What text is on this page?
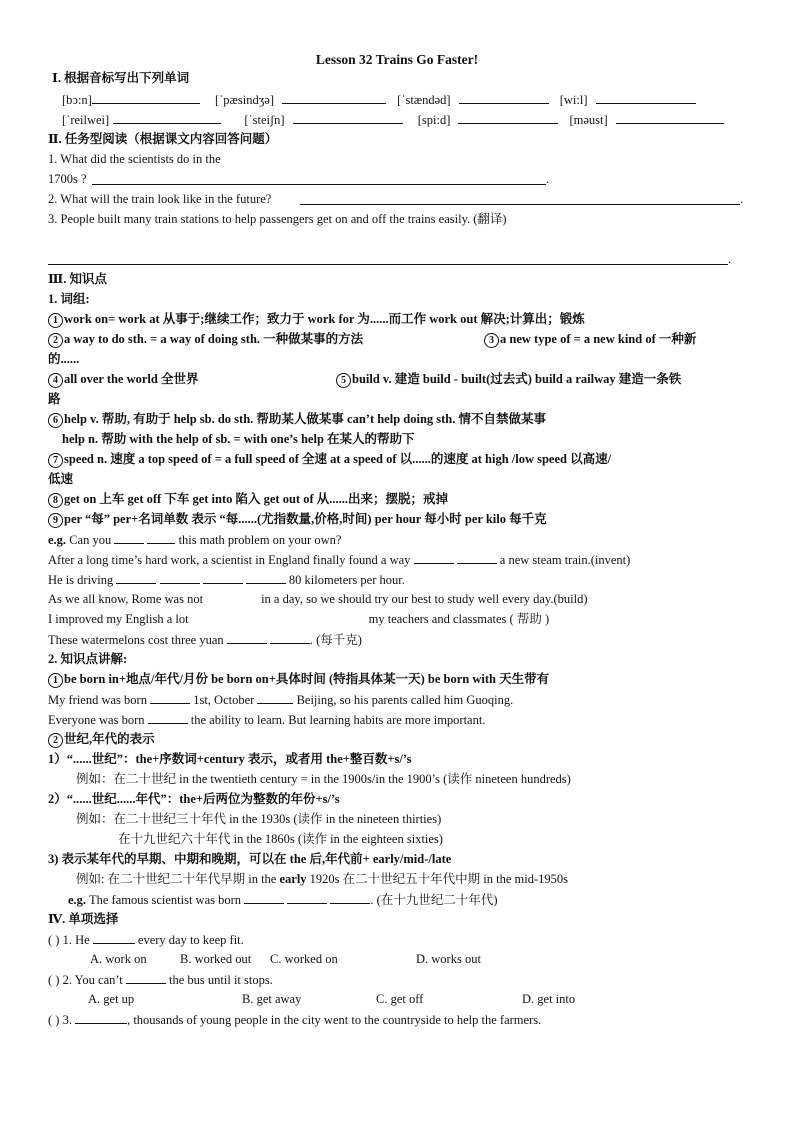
Lesson 32 Trains Go Faster!
Ⅰ. 根据音标写出下列单词
[bɔ:n]	[ˈpæsindʒə]	[ˈstændəd]	[wi:l]
[ˈreilwei]	[ˈsteiʃn]	[spi:d]	[məust]
Ⅱ. 任务型阅读（根据课文内容回答问题）
1. What did the scientists do in the
1700s ?	.
2. What will the train look like in the future?	.
3. People built many train stations to help passengers get on and off the trains easily. (翻译)
.
Ⅲ. 知识点
1. 词组:
1 work on= work at 从事于;继续工作；致力于 work for 为......而工作 work out 解决;计算出；锻炼
2 a way to do sth. = a way of doing sth. 一种做某事的方法	3 a new type of = a new kind of 一种新
的......
4 all over the world 全世界	5 build v. 建造 build - built(过去式) build a railway 建造一条铁
路
6 help v. 帮助, 有助于 help sb. do sth. 帮助某人做某事 can’t help doing sth. 情不自禁做某事
help n. 帮助 with the help of sb. = with one’s help 在某人的帮助下
7 speed n. 速度 a top speed of = a full speed of 全速 at a speed of 以......的速度 at high /low speed 以高速/
低速
8 get on 上车 get off 下车 get into 陷入 get out of 从......出来；摆脱；戒掉
9 per “每” per+名词单数 表示 “每......(尤指数量,价格,时间) per hour 每小时 per kilo 每千克
e.g. Can you	this math problem on your own?
After a long time’s hard work, a scientist in England finally found a way	a new steam train.(invent)
He is driving	80 kilometers per hour.
As we all know, Rome was not	in a day, so we should try our best to study well every day.(build)
I improved my English a lot	my teachers and classmates ( 帮助 )
These watermelons cost three yuan	. (每千克)
2. 知识点讲解:
1 be born in+地点/年代/月份 be born on+具体时间 (特指具体某一天) be born with 天生带有
My friend was born	1st, October	Beijing, so his parents called him Guoqing.
Everyone was born	the ability to learn. But learning habits are more important.
2 世纪,年代的表示
1）“......世纪”：the+序数词+century 表示，或者用 the+整百数+s/’s
例如：在二十世纪 in the twentieth century = in the 1900s/in the 1900’s (读作 nineteen hundreds)
2）“......世纪......年代”：the+后两位为整数的年份+s/’s
例如：在二十世纪三十年代 in the 1930s (读作 in the nineteen thirties)
在十九世纪六十年代 in the 1860s (读作 in the eighteen sixties)
3) 表示某年代的早期、中期和晚期，可以在 the 后,年代前+ early/mid-/late
例如: 在二十世纪二十年代早期 in the early 1920s 在二十世纪五十年代中期 in the mid-1950s
e.g. The famous scientist was born	. (在十九世纪二十年代)
Ⅳ. 单项选择
( ) 1. He	every day to keep fit.
A. work on	B. worked out C. worked on	D. works out
( ) 2. You can’t	the bus until it stops.
A. get up	B. get away	C. get off	D. get into
( ) 3.	, thousands of young people in the city went to the countryside to help the farmers.
